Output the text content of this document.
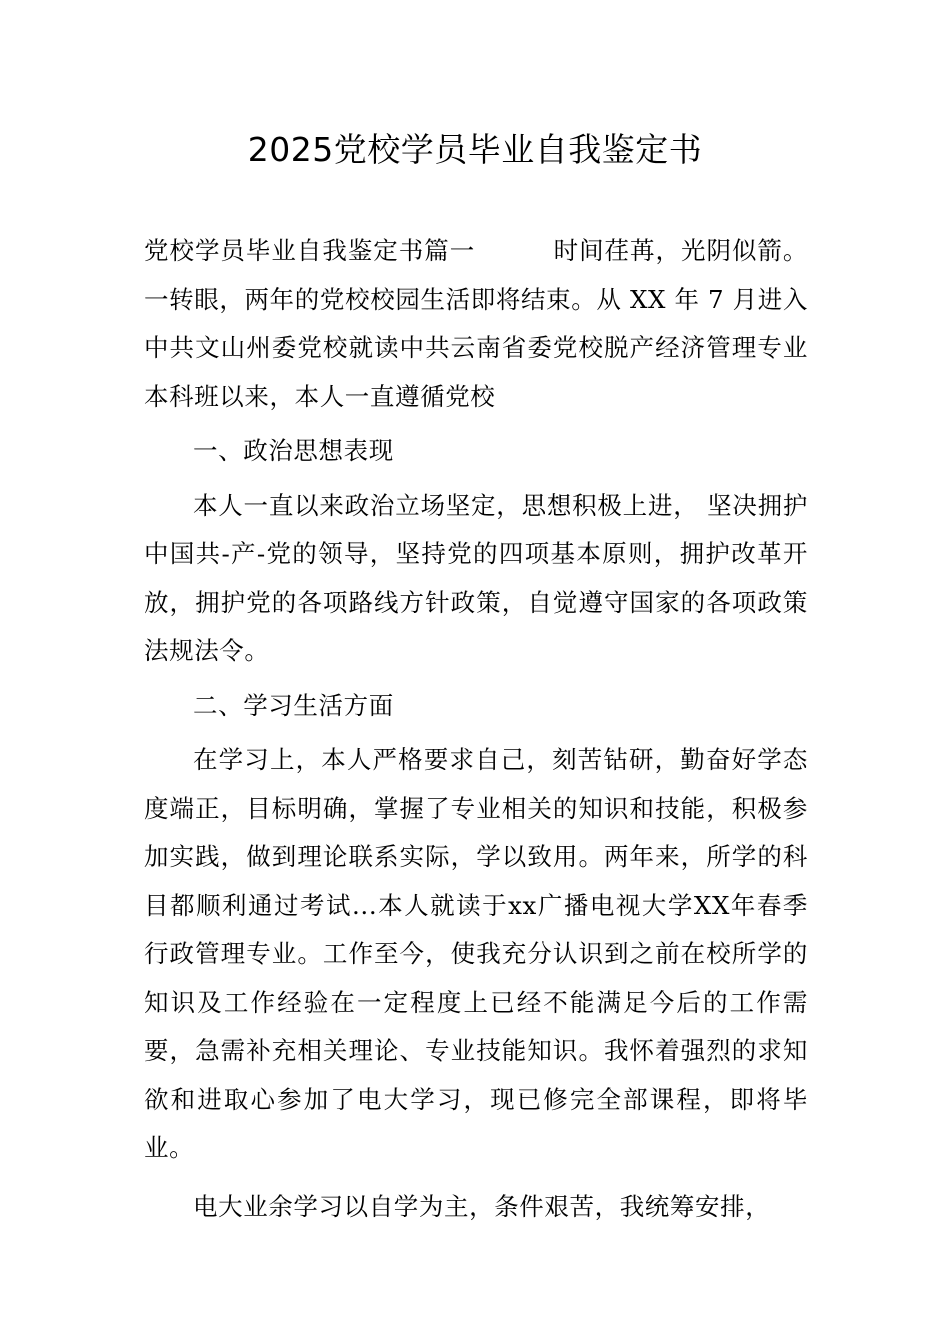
2025党校学员毕业自我鉴定书

党校学员毕业自我鉴定书篇一	时间荏苒，光阴似箭。一转眼，两年的党校校园生活即将结束。从 XX 年 7 月进入中共文山州委党校就读中共云南省委党校脱产经济管理专业本科班以来，本人一直遵循党校

一、政治思想表现

本人一直以来政治立场坚定，思想积极上进， 坚决拥护中国共-产-党的领导，坚持党的四项基本原则，拥护改革开放，拥护党的各项路线方针政策，自觉遵守国家的各项政策法规法令。

二、学习生活方面

在学习上，本人严格要求自己，刻苦钻研，勤奋好学态度端正，目标明确，掌握了专业相关的知识和技能，积极参加实践，做到理论联系实际，学以致用。两年来，所学的科目都顺利通过考试...本人就读于xx广播电视大学XX年春季行政管理专业。工作至今，使我充分认识到之前在校所学的知识及工作经验在一定程度上已经不能满足今后的工作需要，急需补充相关理论、专业技能知识。我怀着强烈的求知欲和进取心参加了电大学习，现已修完全部课程，即将毕业。

电大业余学习以自学为主，条件艰苦，我统筹安排，
